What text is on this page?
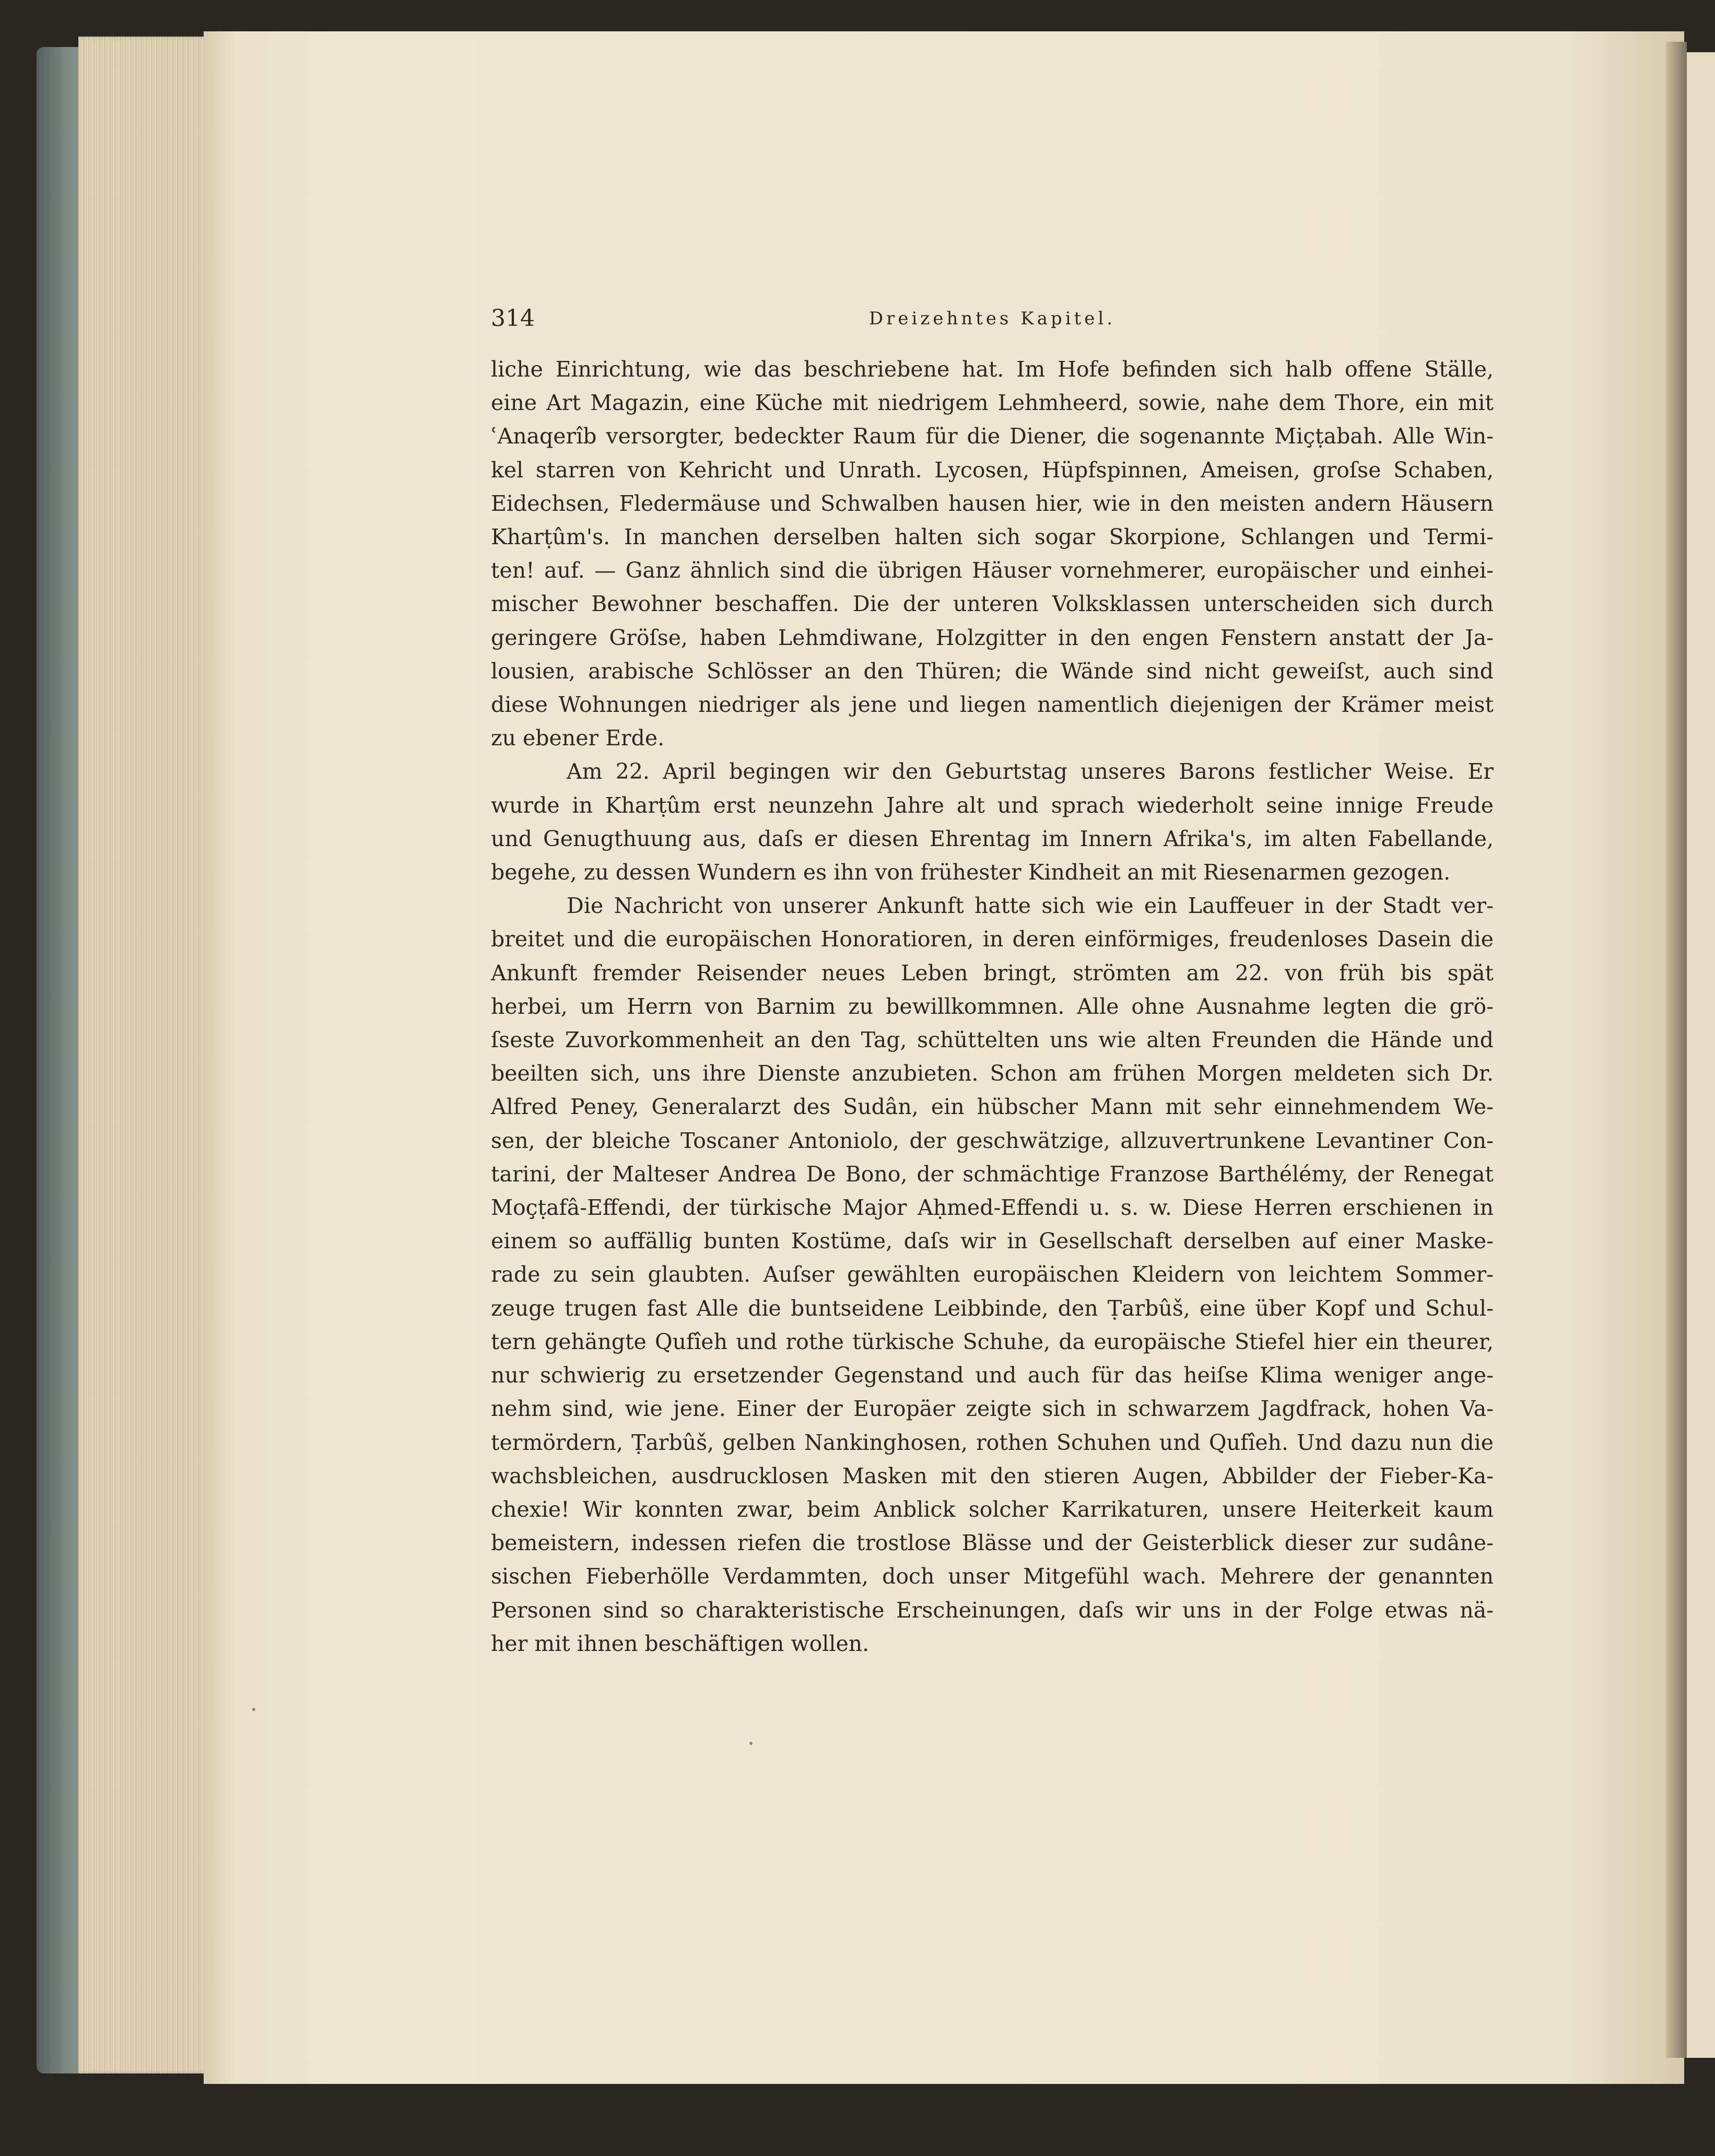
314	Dreizehntes Kapitel.

liche Einrichtung, wie das beschriebene hat. Im Hofe befinden sich halb offene Ställe,
eine Art Magazin, eine Küche mit niedrigem Lehmheerd, sowie, nahe dem Thore, ein mit
ʿAnaqerîb versorgter, bedeckter Raum für die Diener, die sogenannte Miçṭabah. Alle Win-
kel starren von Kehricht und Unrath. Lycosen, Hüpfspinnen, Ameisen, groſse Schaben,
Eidechsen, Fledermäuse und Schwalben hausen hier, wie in den meisten andern Häusern
Kharṭûm's. In manchen derselben halten sich sogar Skorpione, Schlangen und Termi-
ten! auf. — Ganz ähnlich sind die übrigen Häuser vornehmerer, europäischer und einhei-
mischer Bewohner beschaffen. Die der unteren Volksklassen unterscheiden sich durch
geringere Gröſse, haben Lehmdiwane, Holzgitter in den engen Fenstern anstatt der Ja-
lousien, arabische Schlösser an den Thüren; die Wände sind nicht geweiſst, auch sind
diese Wohnungen niedriger als jene und liegen namentlich diejenigen der Krämer meist
zu ebener Erde.

Am 22. April begingen wir den Geburtstag unseres Barons festlicher Weise. Er
wurde in Kharṭûm erst neunzehn Jahre alt und sprach wiederholt seine innige Freude
und Genugthuung aus, daſs er diesen Ehrentag im Innern Afrika's, im alten Fabellande,
begehe, zu dessen Wundern es ihn von frühester Kindheit an mit Riesenarmen gezogen.

Die Nachricht von unserer Ankunft hatte sich wie ein Lauffeuer in der Stadt ver-
breitet und die europäischen Honoratioren, in deren einförmiges, freudenloses Dasein die
Ankunft fremder Reisender neues Leben bringt, strömten am 22. von früh bis spät
herbei, um Herrn von Barnim zu bewillkommnen. Alle ohne Ausnahme legten die grö-
ſseste Zuvorkommenheit an den Tag, schüttelten uns wie alten Freunden die Hände und
beeilten sich, uns ihre Dienste anzubieten. Schon am frühen Morgen meldeten sich Dr.
Alfred Peney, Generalarzt des Sudân, ein hübscher Mann mit sehr einnehmendem We-
sen, der bleiche Toscaner Antoniolo, der geschwätzige, allzuvertrunkene Levantiner Con-
tarini, der Malteser Andrea De Bono, der schmächtige Franzose Barthélémy, der Renegat
Moçṭafâ-Effendi, der türkische Major Aḥmed-Effendi u. s. w. Diese Herren erschienen in
einem so auffällig bunten Kostüme, daſs wir in Gesellschaft derselben auf einer Maske-
rade zu sein glaubten. Auſser gewählten europäischen Kleidern von leichtem Sommer-
zeuge trugen fast Alle die buntseidene Leibbinde, den Ṭarbûš, eine über Kopf und Schul-
tern gehängte Qufîeh und rothe türkische Schuhe, da europäische Stiefel hier ein theurer,
nur schwierig zu ersetzender Gegenstand und auch für das heiſse Klima weniger ange-
nehm sind, wie jene. Einer der Europäer zeigte sich in schwarzem Jagdfrack, hohen Va-
termördern, Ṭarbûš, gelben Nankinghosen, rothen Schuhen und Qufîeh. Und dazu nun die
wachsbleichen, ausdrucklosen Masken mit den stieren Augen, Abbilder der Fieber-Ka-
chexie! Wir konnten zwar, beim Anblick solcher Karrikaturen, unsere Heiterkeit kaum
bemeistern, indessen riefen die trostlose Blässe und der Geisterblick dieser zur sudâne-
sischen Fieberhölle Verdammten, doch unser Mitgefühl wach. Mehrere der genannten
Personen sind so charakteristische Erscheinungen, daſs wir uns in der Folge etwas nä-
her mit ihnen beschäftigen wollen.
